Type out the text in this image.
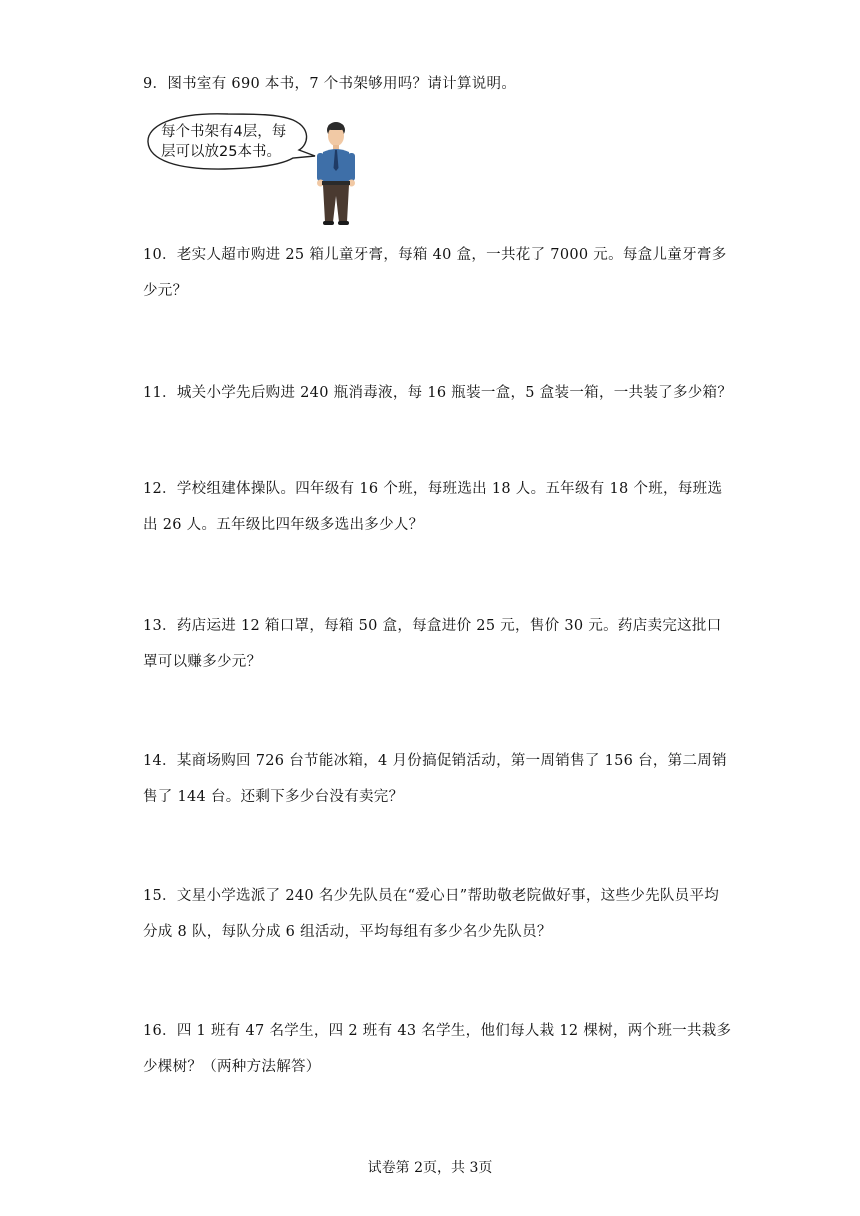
9．图书室有 690 本书，7 个书架够用吗？请计算说明。
每个书架有4层，每
层可以放25本书。
10．老实人超市购进 25 箱儿童牙膏，每箱 40 盒，一共花了 7000 元。每盒儿童牙膏多少元？
11．城关小学先后购进 240 瓶消毒液，每 16 瓶装一盒，5 盒装一箱，一共装了多少箱？
12．学校组建体操队。四年级有 16 个班，每班选出 18 人。五年级有 18 个班，每班选出 26 人。五年级比四年级多选出多少人？
13．药店运进 12 箱口罩，每箱 50 盒，每盒进价 25 元，售价 30 元。药店卖完这批口罩可以赚多少元？
14．某商场购回 726 台节能冰箱，4 月份搞促销活动，第一周销售了 156 台，第二周销售了 144 台。还剩下多少台没有卖完？
15．文星小学选派了 240 名少先队员在“爱心日”帮助敬老院做好事，这些少先队员平均分成 8 队，每队分成 6 组活动，平均每组有多少名少先队员？
16．四 1 班有 47 名学生，四 2 班有 43 名学生，他们每人栽 12 棵树，两个班一共栽多少棵树？（两种方法解答）
试卷第 2页，共 3页
